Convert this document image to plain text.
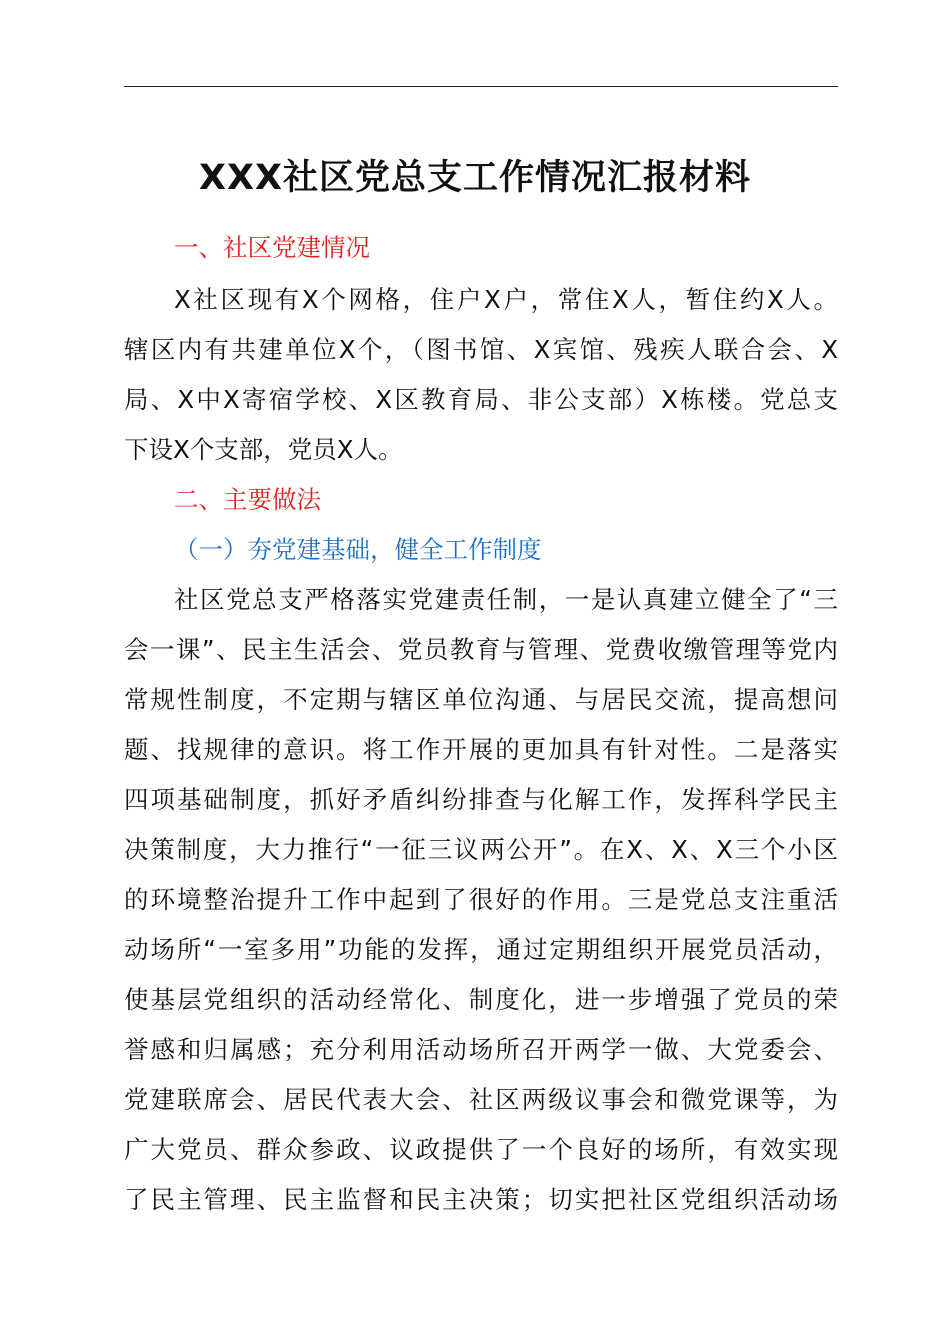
XXX社区党总支工作情况汇报材料
一、社区党建情况
X社区现有X个网格，住户X户，常住X人，暂住约X人。
辖区内有共建单位X个，（图书馆、X宾馆、残疾人联合会、X
局、X中X寄宿学校、X区教育局、非公支部）X栋楼。党总支
下设X个支部，党员X人。
二、主要做法
（一）夯党建基础，健全工作制度
社区党总支严格落实党建责任制，一是认真建立健全了“三
会一课”、民主生活会、党员教育与管理、党费收缴管理等党内
常规性制度，不定期与辖区单位沟通、与居民交流，提高想问
题、找规律的意识。将工作开展的更加具有针对性。二是落实
四项基础制度，抓好矛盾纠纷排查与化解工作，发挥科学民主
决策制度，大力推行“一征三议两公开”。在X、X、X三个小区
的环境整治提升工作中起到了很好的作用。三是党总支注重活
动场所“一室多用”功能的发挥，通过定期组织开展党员活动，
使基层党组织的活动经常化、制度化，进一步增强了党员的荣
誉感和归属感；充分利用活动场所召开两学一做、大党委会、
党建联席会、居民代表大会、社区两级议事会和微党课等，为
广大党员、群众参政、议政提供了一个良好的场所，有效实现
了民主管理、民主监督和民主决策；切实把社区党组织活动场
